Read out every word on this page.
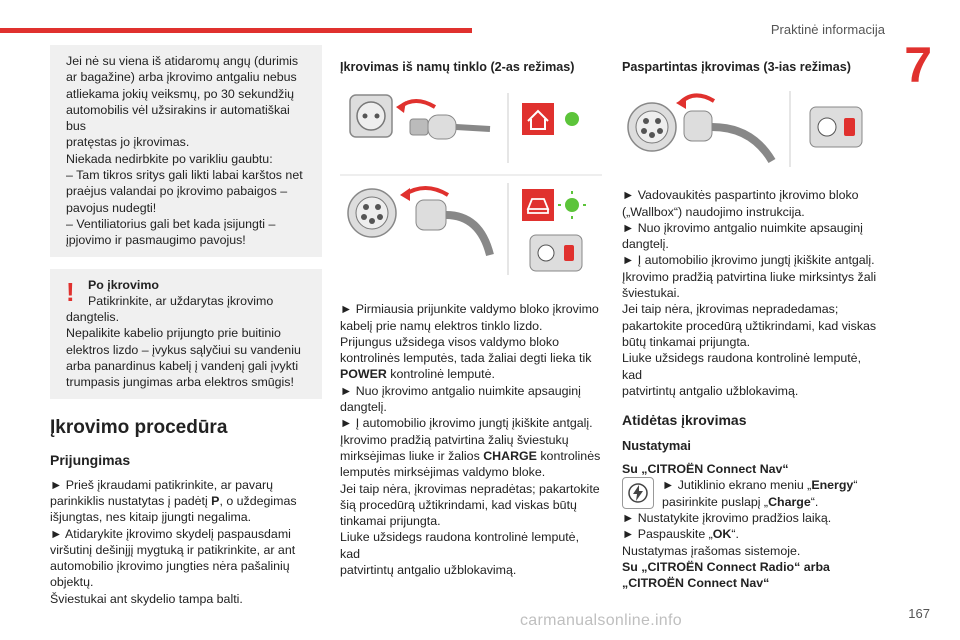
Praktinė informacija
7
167
carmanualsonline.info

Jei nė su viena iš atidaromų angų (durimis

ar bagažine) arba įkrovimo antgaliu nebus

atliekama jokių veiksmų, po 30 sekundžių

automobilis vėl užsirakins ir automatiškai bus

pratęstas jo įkrovimas.

Niekada nedirbkite po varikliu gaubtu:

– Tam tikros sritys gali likti labai karštos net

praėjus valandai po įkrovimo pabaigos –

pavojus nudegti!

– Ventiliatorius gali bet kada įsijungti –

įpjovimo ir pasmaugimo pavojus!

!	Po įkrovimo

Patikrinkite, ar uždarytas įkrovimo

dangtelis.

Nepalikite kabelio prijungto prie buitinio

elektros lizdo – įvykus sąlyčiui su vandeniu

arba panardinus kabelį į vandenį gali įvykti

trumpasis jungimas arba elektros smūgis!

Įkrovimo procedūra
Prijungimas

► Prieš įkraudami patikrinkite, ar pavarų

parinkiklis nustatytas į padėtį P, o uždegimas

išjungtas, nes kitaip įjungti negalima.

► Atidarykite įkrovimo skydelį paspausdami

viršutinį dešinįjį mygtuką ir patikrinkite, ar ant

automobilio įkrovimo jungties nėra pašalinių

objektų.

Šviestukai ant skydelio tampa balti.

Įkrovimas iš namų tinklo (2-as režimas)

► Pirmiausia prijunkite valdymo bloko įkrovimo

kabelį prie namų elektros tinklo lizdo.

Prijungus užsidega visos valdymo bloko

kontrolinės lemputės, tada žaliai degti lieka tik

POWER kontrolinė lemputė.

► Nuo įkrovimo antgalio nuimkite apsauginį

dangtelį.

► Į automobilio įkrovimo jungtį įkiškite antgalį.

Įkrovimo pradžią patvirtina žalių šviestukų

mirksėjimas liuke ir žalios CHARGE kontrolinės

lemputės mirksėjimas valdymo bloke.

Jei taip nėra, įkrovimas nepradėtas; pakartokite

šią procedūrą užtikrindami, kad viskas būtų

tinkamai prijungta.

Liuke užsidegs raudona kontrolinė lemputė, kad

patvirtintų antgalio užblokavimą.

Paspartintas įkrovimas (3-ias režimas)

► Vadovaukitės paspartinto įkrovimo bloko

(„Wallbox“) naudojimo instrukcija.

► Nuo įkrovimo antgalio nuimkite apsauginį

dangtelį.

► Į automobilio įkrovimo jungtį įkiškite antgalį.

Įkrovimo pradžią patvirtina liuke mirksintys žali

šviestukai.

Jei taip nėra, įkrovimas nepradedamas;

pakartokite procedūrą užtikrindami, kad viskas

būtų tinkamai prijungta.

Liuke užsidegs raudona kontrolinė lemputė, kad

patvirtintų antgalio užblokavimą.

Atidėtas įkrovimas
Nustatymai

Su „CITROËN Connect Nav“

► Jutiklinio ekrano meniu „Energy“

pasirinkite puslapį „Charge“.

► Nustatykite įkrovimo pradžios laiką.

► Paspauskite „OK“.

Nustatymas įrašomas sistemoje.

Su „CITROËN Connect Radio“ arba

„CITROËN Connect Nav“
